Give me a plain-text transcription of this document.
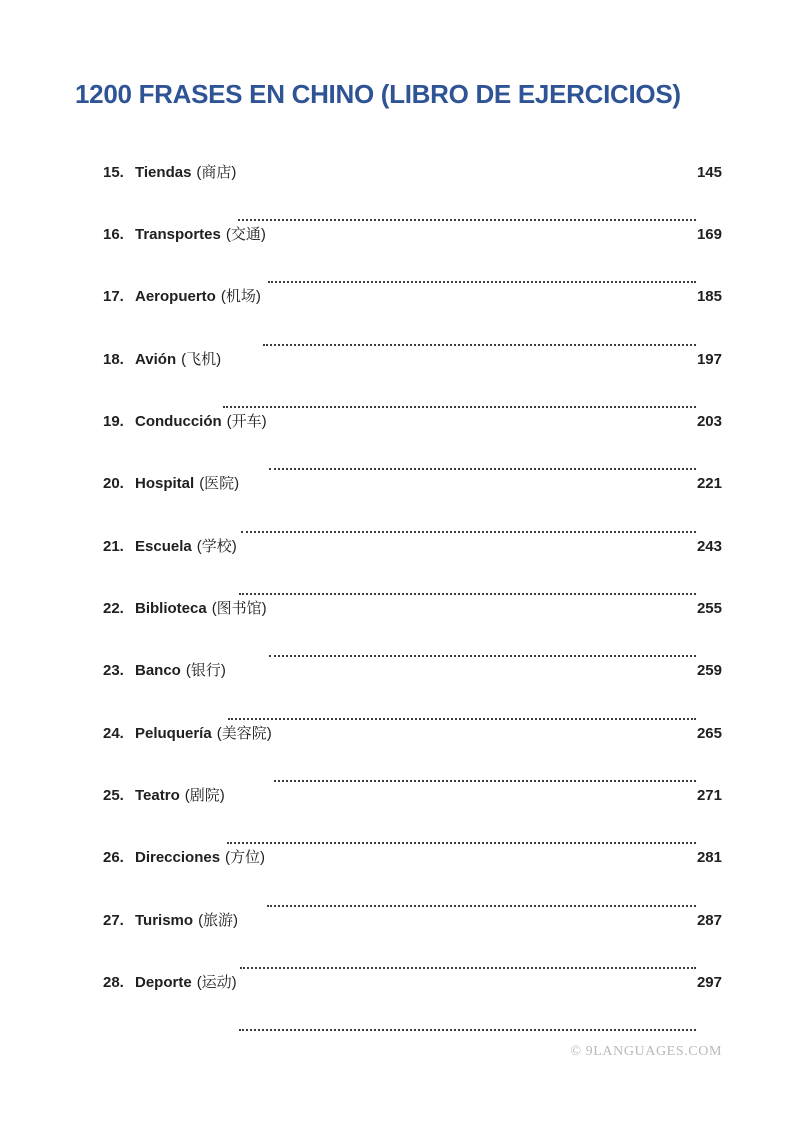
1200 FRASES EN CHINO (LIBRO DE EJERCICIOS)
15. Tiendas (商店)	145
16. Transportes (交通)	169
17. Aeropuerto (机场)	185
18. Avión (飞机)	197
19. Conducción (开车)	203
20. Hospital (医院)	221
21. Escuela (学校)	243
22. Biblioteca (图书馆)	255
23. Banco (银行)	259
24. Peluquería (美容院)	265
25. Teatro (剧院)	271
26. Direcciones (方位)	281
27. Turismo (旅游)	287
28. Deporte (运动)	297
© 9LANGUAGES.COM
